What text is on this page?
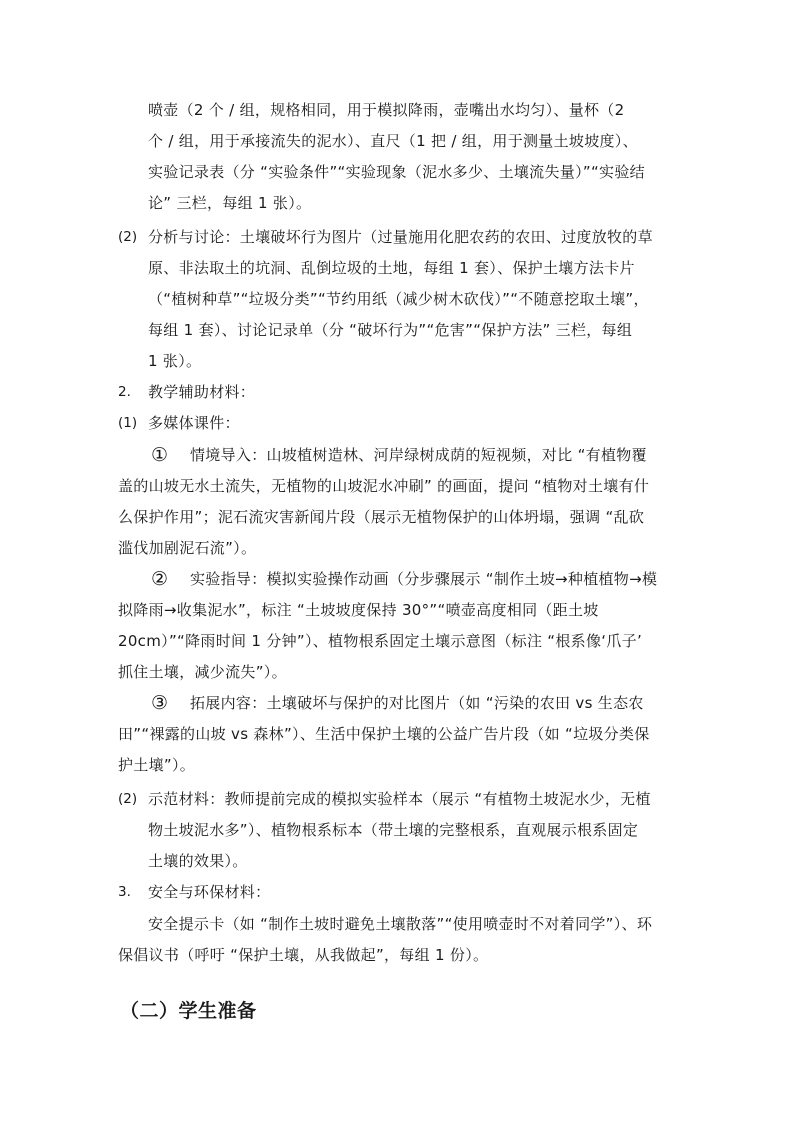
喷壶（2 个 / 组，规格相同，用于模拟降雨，壶嘴出水均匀）、量杯（2
个 / 组，用于承接流失的泥水）、直尺（1 把 / 组，用于测量土坡坡度）、
实验记录表（分 “实验条件”“实验现象（泥水多少、土壤流失量）”“实验结
论” 三栏，每组 1 张）。
(2) 分析与讨论：土壤破坏行为图片（过量施用化肥农药的农田、过度放牧的草
原、非法取土的坑洞、乱倒垃圾的土地，每组 1 套）、保护土壤方法卡片
（“植树种草”“垃圾分类”“节约用纸（减少树木砍伐）”“不随意挖取土壤”，
每组 1 套）、讨论记录单（分 “破坏行为”“危害”“保护方法” 三栏，每组
1 张）。
2. 教学辅助材料：
(1) 多媒体课件：
① 情境导入：山坡植树造林、河岸绿树成荫的短视频，对比 “有植物覆
盖的山坡无水土流失，无植物的山坡泥水冲刷” 的画面，提问 “植物对土壤有什
么保护作用”；泥石流灾害新闻片段（展示无植物保护的山体坍塌，强调 “乱砍
滥伐加剧泥石流”）。
② 实验指导：模拟实验操作动画（分步骤展示 “制作土坡→种植植物→模
拟降雨→收集泥水”，标注 “土坡坡度保持 30°”“喷壶高度相同（距土坡
20cm）”“降雨时间 1 分钟”）、植物根系固定土壤示意图（标注 “根系像‘爪子’
抓住土壤，减少流失”）。
③ 拓展内容：土壤破坏与保护的对比图片（如 “污染的农田 vs 生态农
田”“裸露的山坡 vs 森林”）、生活中保护土壤的公益广告片段（如 “垃圾分类保
护土壤”）。
(2) 示范材料：教师提前完成的模拟实验样本（展示 “有植物土坡泥水少，无植
物土坡泥水多”）、植物根系标本（带土壤的完整根系，直观展示根系固定
土壤的效果）。
3. 安全与环保材料：
安全提示卡（如 “制作土坡时避免土壤散落”“使用喷壶时不对着同学”）、环
保倡议书（呼吁 “保护土壤，从我做起”，每组 1 份）。
（二）学生准备
